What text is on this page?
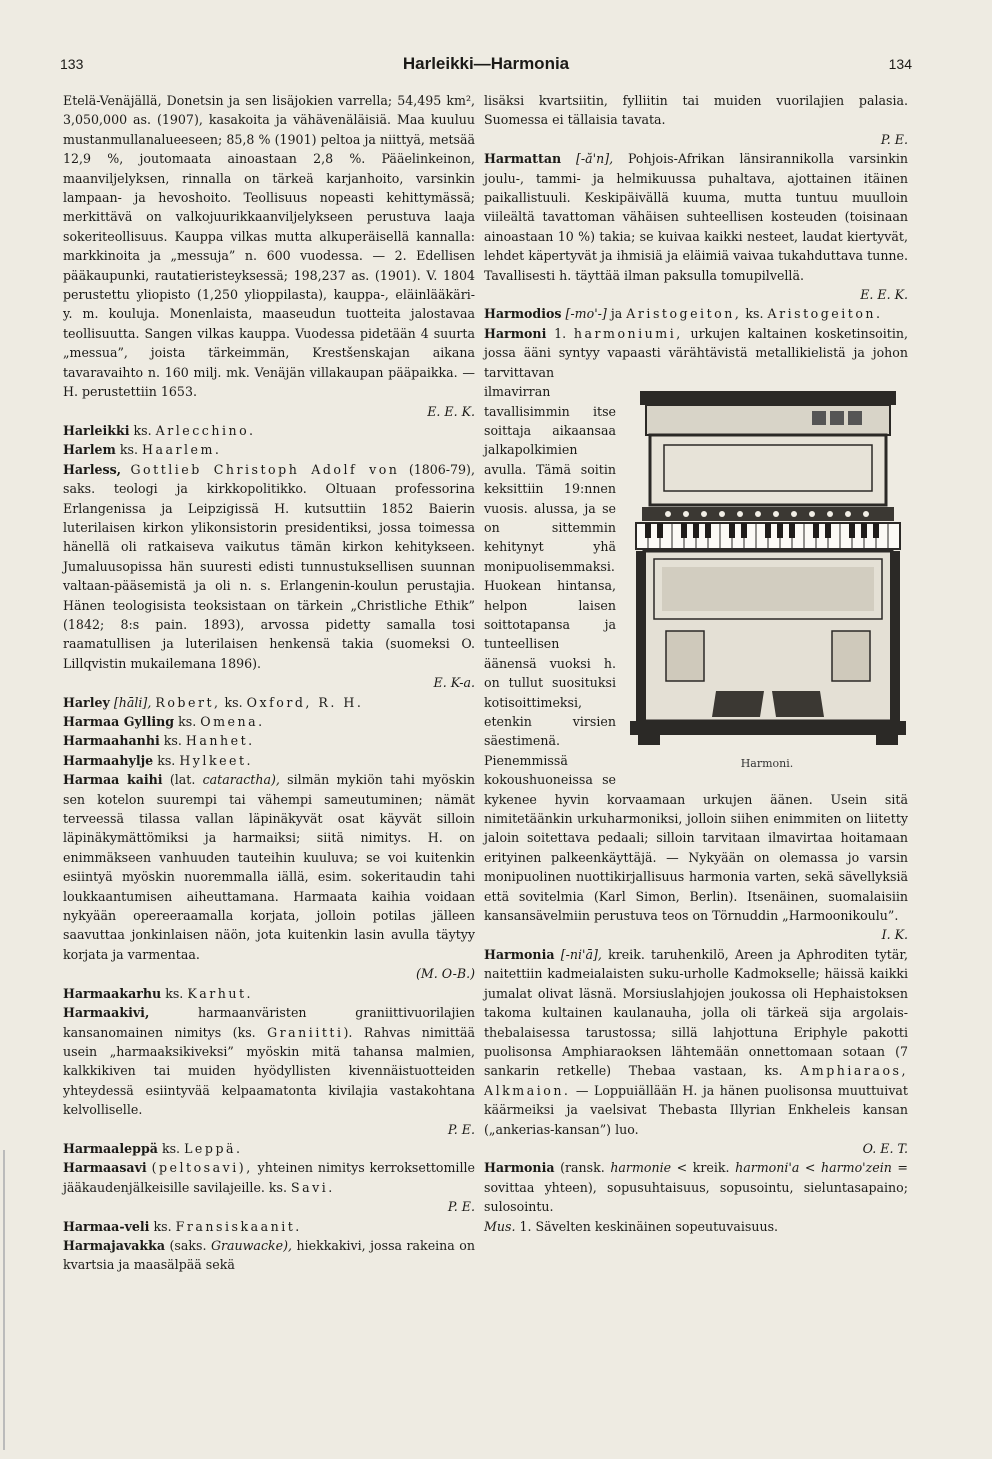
133	Harleikki—Harmonia	134

Etelä-Venäjällä, Donetsin ja sen lisäjokien varrella; 54,495 km², 3,050,000 as. (1907), kasakoita ja vähävenäläisiä. Maa kuuluu mustanmullanalueeseen; 85,8 % (1901) peltoa ja niittyä, metsää 12,9 %, joutomaata ainoastaan 2,8 %. Pääelinkeinon, maanviljelyksen, rinnalla on tärkeä karjanhoito, varsinkin lampaan- ja hevoshoito. Teollisuus nopeasti kehittymässä; merkittävä on valkojuurikkaanviljelykseen perustuva laaja sokeriteollisuus. Kauppa vilkas mutta alkuperäisellä kannalla: markkinoita ja „messuja” n. 600 vuodessa. — 2. Edellisen pääkaupunki, rautatieristeyksessä; 198,237 as. (1901). V. 1804 perustettu yliopisto (1,250 ylioppilasta), kauppa-, eläinlääkäri- y. m. kouluja. Monenlaista, maaseudun tuotteita jalostavaa teollisuutta. Sangen vilkas kauppa. Vuodessa pidetään 4 suurta „messua”, joista tärkeimmän, Krestšenskajan aikana tavaravaihto n. 160 milj. mk. Venäjän villakaupan pääpaikka. — H. perustettiin 1653.

E. E. K.

Harleikki ks. Arlecchino.

Harlem ks. Haarlem.

Harless, Gottlieb Christoph Adolf von (1806-79), saks. teologi ja kirkkopolitikko. Oltuaan professorina Erlangenissa ja Leipzigissä H. kutsuttiin 1852 Baierin luterilaisen kirkon ylikonsistorin presidentiksi, jossa toimessa hänellä oli ratkaiseva vaikutus tämän kirkon kehitykseen. Jumaluusopissa hän suuresti edisti tunnustuksellisen suunnan valtaan-pääsemistä ja oli n. s. Erlangenin-koulun perustajia. Hänen teologisista teoksistaan on tärkein „Christliche Ethik” (1842; 8:s pain. 1893), arvossa pidetty samalla tosi raamatullisen ja luterilaisen henkensä takia (suomeksi O. Lillqvistin mukailemana 1896).

E. K-a.

Harley [hāli], Robert, ks. Oxford, R. H.

Harmaa Gylling ks. Omena.

Harmaahanhi ks. Hanhet.

Harmaahylje ks. Hylkeet.

Harmaa kaihi (lat. cataractha), silmän mykiön tahi myöskin sen kotelon suurempi tai vähempi sameutuminen; nämät terveessä tilassa vallan läpinäkyvät osat käyvät silloin läpinäkymättömiksi ja harmaiksi; siitä nimitys. H. on enimmäkseen vanhuuden tauteihin kuuluva; se voi kuitenkin esiintyä myöskin nuoremmalla iällä, esim. sokeritaudin tahi loukkaantumisen aiheuttamana. Harmaata kaihia voidaan nykyään opereeraamalla korjata, jolloin potilas jälleen saavuttaa jonkinlaisen näön, jota kuitenkin lasin avulla täytyy korjata ja varmentaa.

(M. O-B.)

Harmaakarhu ks. Karhut.

Harmaakivi,	harmaanväristen graniittivuorilajien kansanomainen nimitys (ks. Graniitti). Rahvas nimittää usein „harmaaksikiveksi” myöskin mitä tahansa malmien, kalkkikiven tai muiden hyödyllisten kivennäistuotteiden yhteydessä esiintyvää kelpaamatonta kivilajia vastakohtana kelvolliselle.

P. E.

Harmaaleppä ks. Leppä.

Harmaasavi (peltosavi), yhteinen nimitys kerroksettomille jääkaudenjälkeisille savilajeille. ks. Savi.

P. E.

Harmaa-veli ks. Fransiskaanit.

Harmajavakka (saks. Grauwacke), hiekkakivi, jossa rakeina on kvartsia ja maasälpää sekä

lisäksi kvartsiitin, fylliitin tai muiden vuorilajien palasia. Suomessa ei tällaisia tavata.

P. E.

Harmattan [-ă'n], Pohjois-Afrikan länsirannikolla varsinkin joulu-, tammi- ja helmikuussa puhaltava, ajottainen itäinen paikallistuuli. Keskipäivällä kuuma, mutta tuntuu muulloin viileältä tavattoman vähäisen suhteellisen kosteuden (toisinaan ainoastaan 10 %) takia; se kuivaa kaikki nesteet, laudat kiertyvät, lehdet käpertyvät ja ihmisiä ja eläimiä vaivaa tukahduttava tunne. Tavallisesti h. täyttää ilman paksulla tomupilvellä.

E. E. K.

Harmodios [-mo'-] ja Aristogeiton, ks. Aristogeiton.

Harmoni 1. harmoniumi, urkujen kaltainen kosketinsoitin, jossa ääni syntyy vapaasti värähtävistä
Harmoni.
metallikielistä ja johon tarvittavan ilmavirran tavallisimmin itse soittaja aikaansaa jalkapolkimien avulla. Tämä soitin keksittiin 19:nnen vuosis. alussa, ja se on sittemmin kehitynyt yhä monipuolisemmaksi. Huokean hintansa, helpon laisen soittotapansa ja tunteellisen äänensä vuoksi h. on tullut suosituksi kotisoittimeksi, etenkin virsien säestimenä. Pienemmissä kokoushuoneissa se kykenee hyvin korvaamaan urkujen äänen. Usein sitä nimitetäänkin urkuharmoniksi, jolloin siihen enimmiten on liitetty jaloin soitettava pedaali; silloin tarvitaan ilmavirtaa hoitamaan erityinen palkeenkäyttäjä. — Nykyään on olemassa jo varsin monipuolinen nuottikirjallisuus harmonia varten, sekä sävellyksiä että sovitelmia (Karl Simon, Berlin). Itsenäinen, suomalaisiin kansansävelmiin perustuva teos on Törnuddin „Harmoonikoulu”.

I. K.

Harmonia [-ni'ā], kreik. taruhenkilö, Areen ja Aphroditen tytär, naitettiin kadmeialaisten suku-urholle Kadmokselle; häissä kaikki jumalat olivat läsnä. Morsiuslahjojen joukossa oli Hephaistoksen takoma kultainen kaulanauha, jolla oli tärkeä sija argolais-thebalaisessa tarustossa; sillä lahjottuna Eriphyle pakotti puolisonsa Amphiaraoksen lähtemään onnettomaan sotaan (7 sankarin retkelle) Thebaa vastaan, ks. Amphiaraos, Alkmaion. — Loppuiällään H. ja hänen puolisonsa muuttuivat käärmeiksi ja vaelsivat Thebasta Illyrian Enkheleis kansan („ankerias-kansan”) luo.

O. E. T.

Harmonia (ransk. harmonie < kreik. harmoni'a < harmo'zein = sovittaa yhteen), sopusuhtaisuus, sopusointu, sieluntasapaino; sulosointu.

Mus. 1. Sävelten keskinäinen sopeutuvaisuus.
